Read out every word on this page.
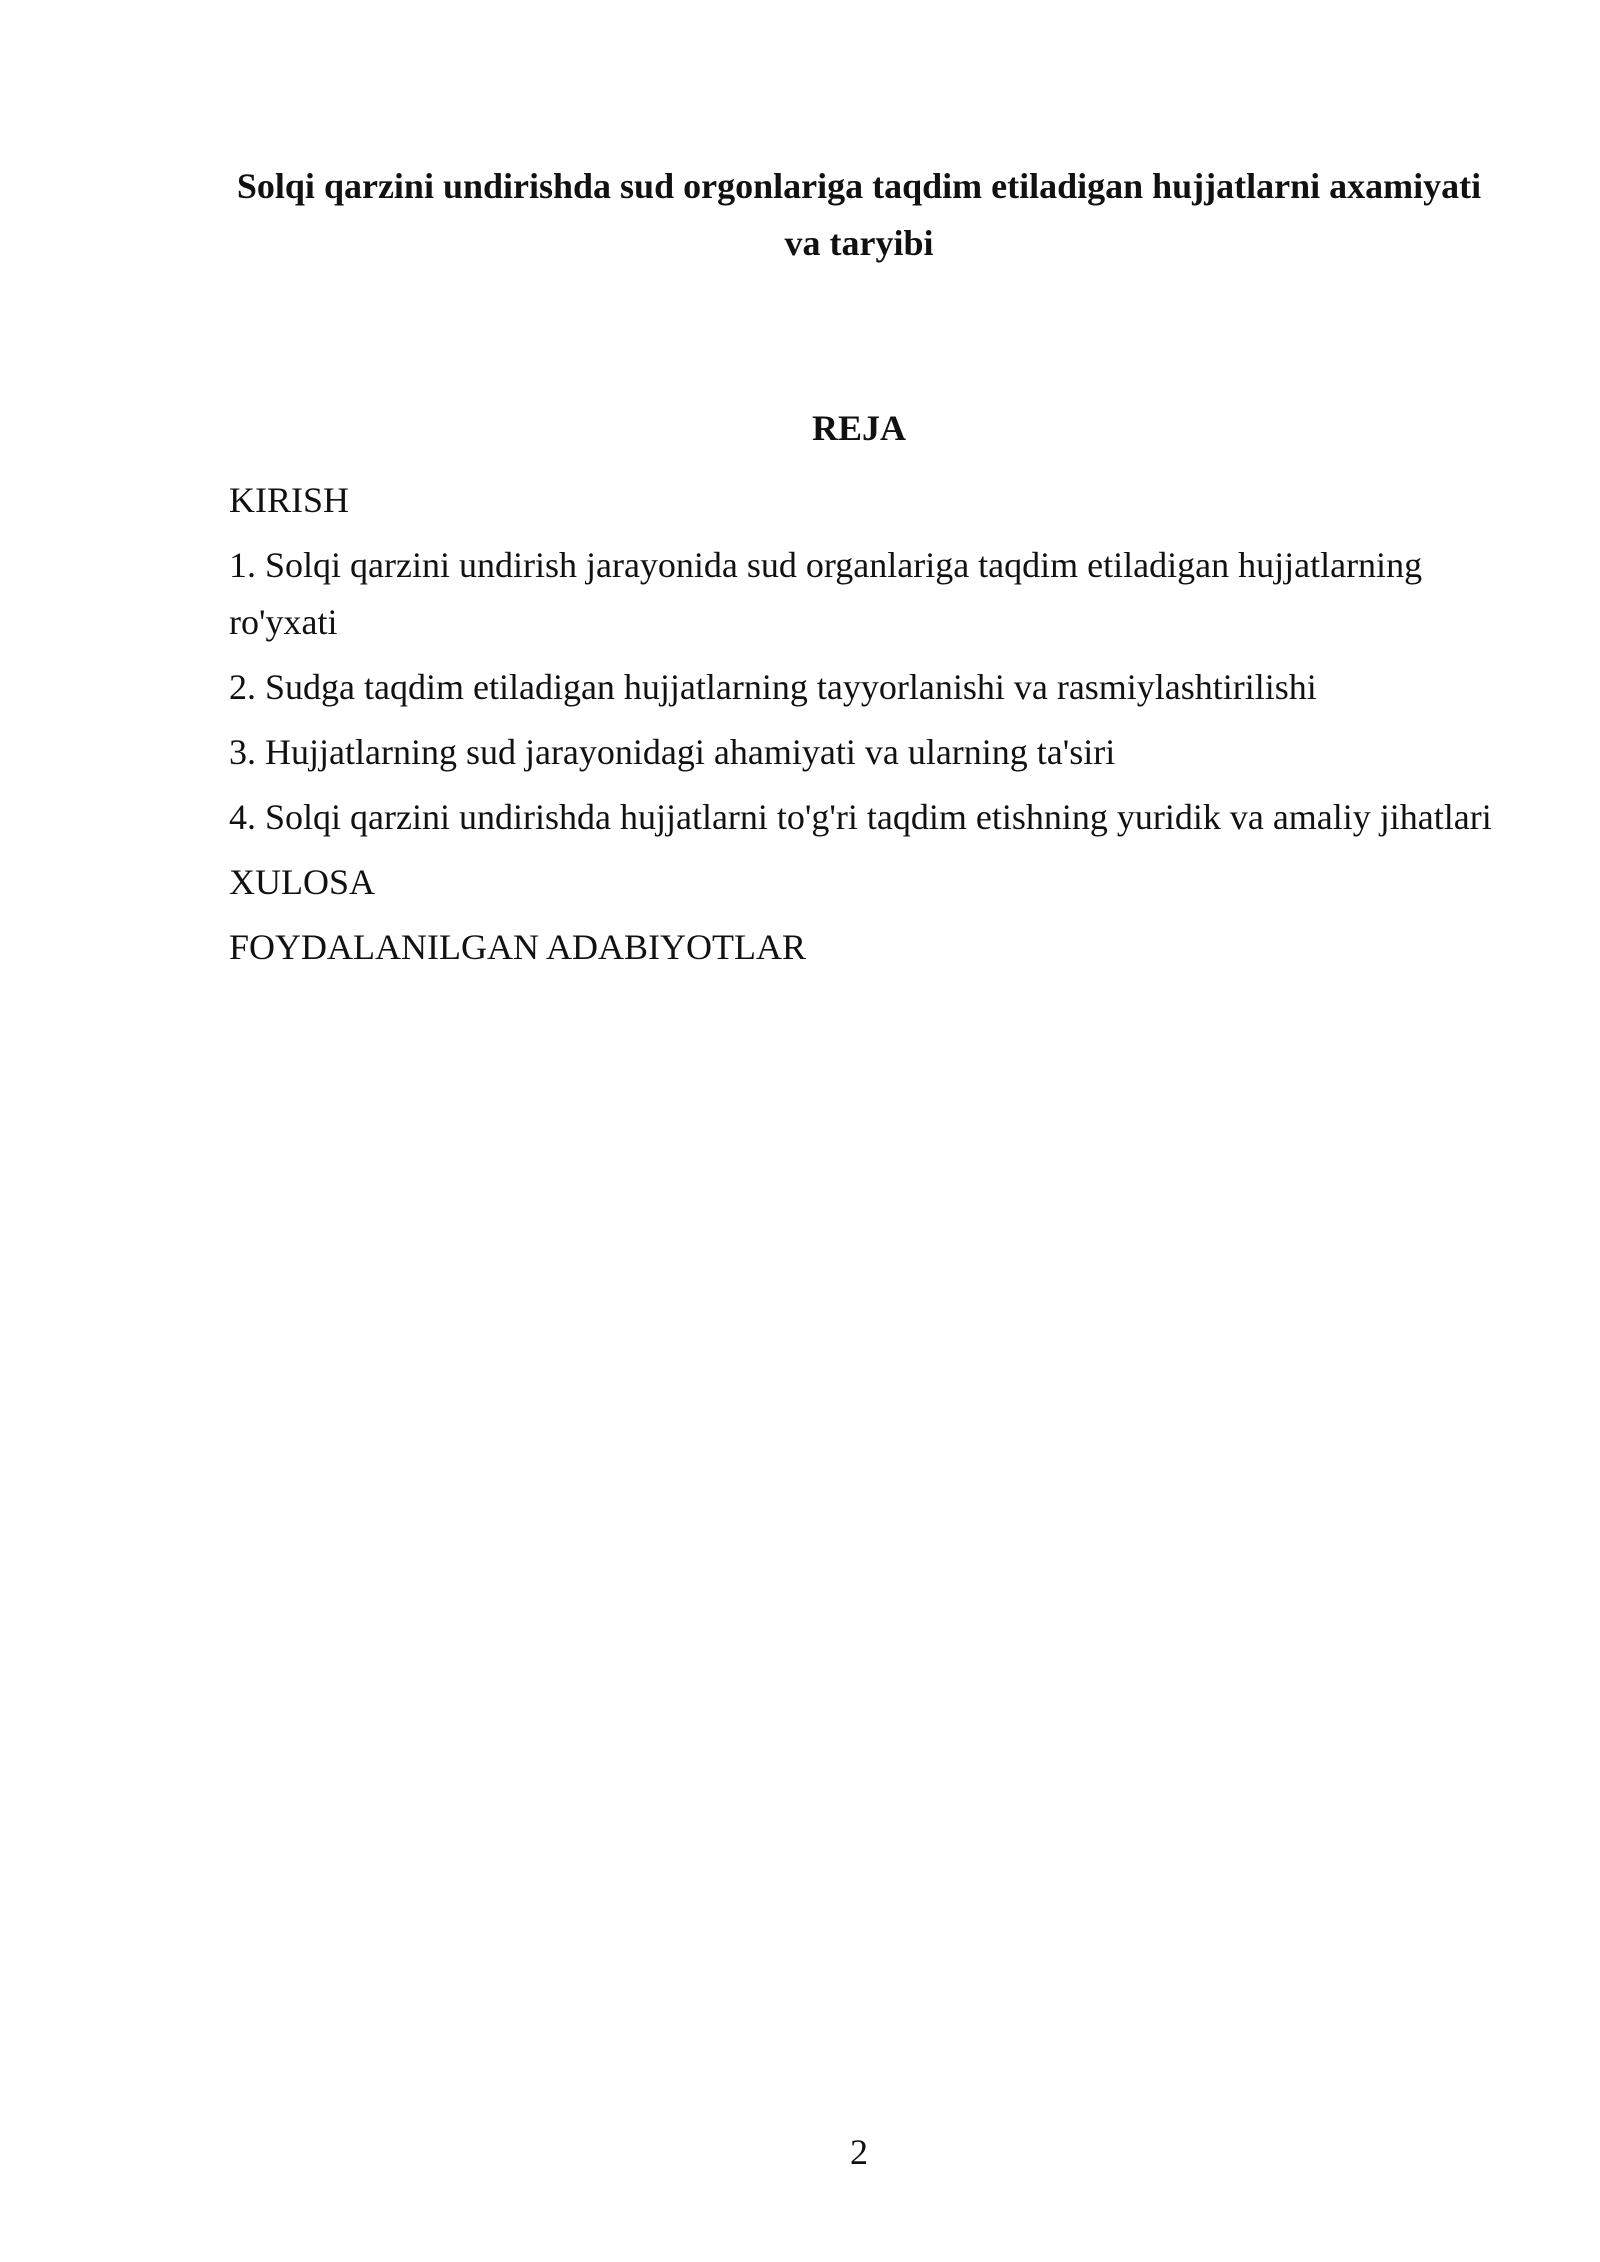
Solqi qarzini undirishda sud orgonlariga taqdim etiladigan hujjatlarni axamiyati va taryibi
REJA
KIRISH
1. Solqi qarzini undirish jarayonida sud organlariga taqdim etiladigan hujjatlarning ro'yxati
2. Sudga taqdim etiladigan hujjatlarning tayyorlanishi va rasmiylashtirilishi
3. Hujjatlarning sud jarayonidagi ahamiyati va ularning ta'siri
4. Solqi qarzini undirishda hujjatlarni to'g'ri taqdim etishning yuridik va amaliy jihatlari
XULOSA
FOYDALANILGAN ADABIYOTLAR
2
